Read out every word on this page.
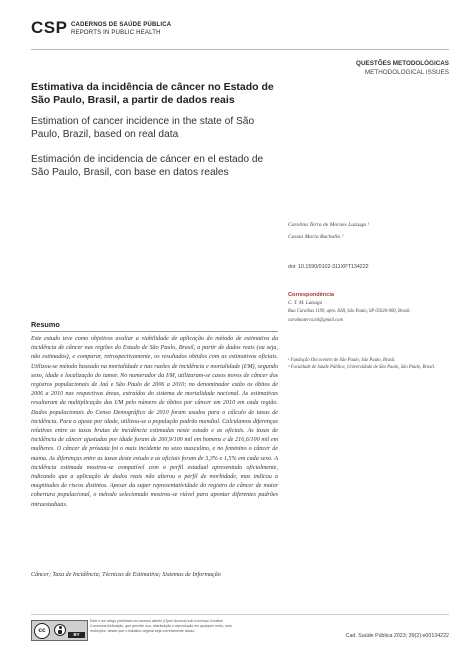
CSP CADERNOS DE SAÚDE PÚBLICA
REPORTS IN PUBLIC HEALTH
QUESTÕES METODOLÓGICAS
METHODOLOGICAL ISSUES
Estimativa da incidência de câncer no Estado de São Paulo, Brasil, a partir de dados reais
Estimation of cancer incidence in the state of São Paulo, Brazil, based on real data
Estimación de incidencia de cáncer en el estado de São Paulo, Brasil, con base en datos reales
Carolina Terra de Moraes Luizaga ¹
Cassia Maria Buchalla ²
doi: 10.1590/0102-311XPT134222
Resumo
Este estudo teve como objetivos avaliar a viabilidade de aplicação do método de estimativa da incidência de câncer nas regiões do Estado de São Paulo, Brasil, a partir de dados reais (ou seja, não estimados), e comparar, retrospectivamente, os resultados obtidos com as estimativas oficiais. Utilizou-se método baseado na mortalidade e nas razões de incidência e mortalidade (I/M), segundo sexo, idade e localização do tumor. No numerador da I/M, utilizaram-se casos novos de câncer dos registros populacionais de Jaú e São Paulo de 2006 a 2010; no denominador estão os óbitos de 2006 a 2010 nas respectivas áreas, extraídos do sistema de mortalidade nacional. As estimativas resultaram da multiplicação das I/M pelo número de óbitos por câncer em 2010 em cada região. Dados populacionais do Censo Demográfico de 2010 foram usados para o cálculo de taxas de incidência. Para o ajuste por idade, utilizou-se a população padrão mundial. Calculamos diferenças relativas entre as taxas brutas de incidência estimadas neste estudo e as oficiais. As taxas de incidência de câncer ajustadas por idade foram de 260,9/100 mil em homens e de 216,6/100 mil em mulheres. O câncer de próstata foi o mais incidente no sexo masculino, e no feminino o câncer de mama. As diferenças entre as taxas deste estudo e as oficiais foram de 3,3% e 1,5% em cada sexo. A incidência estimada mostrou-se compatível com o perfil estadual apresentado oficialmente, indicando que a aplicação de dados reais não alterou o perfil de morbidade, mas indicou a magnitudes de riscos distintos. Apesar da super representatividade do registro de câncer de maior cobertura populacional, o método selecionado mostrou-se viável para apontar diferentes padrões intraestaduais.
Câncer; Taxa de Incidência; Técnicas de Estimativa; Sistemas de Informação
Correspondência
C. T. M. Luizaga
Rua Caraíbas 1199, apto. 82B, São Paulo, SP 05020-000, Brasil.
carolinaterra.ml@gmail.com
¹ Fundação Oncocentro de São Paulo, São Paulo, Brasil.
² Faculdade de Saúde Pública, Universidade de São Paulo, São Paulo, Brasil.
cc
BY
Este é um artigo publicado em acesso aberto (Open Access) sob a licença Creative Commons Atribuição, que permite uso, distribuição e reprodução em qualquer meio, sem restrições, desde que o trabalho original seja corretamente citado.
Cad. Saúde Pública 2023; 39(2):e00134222
